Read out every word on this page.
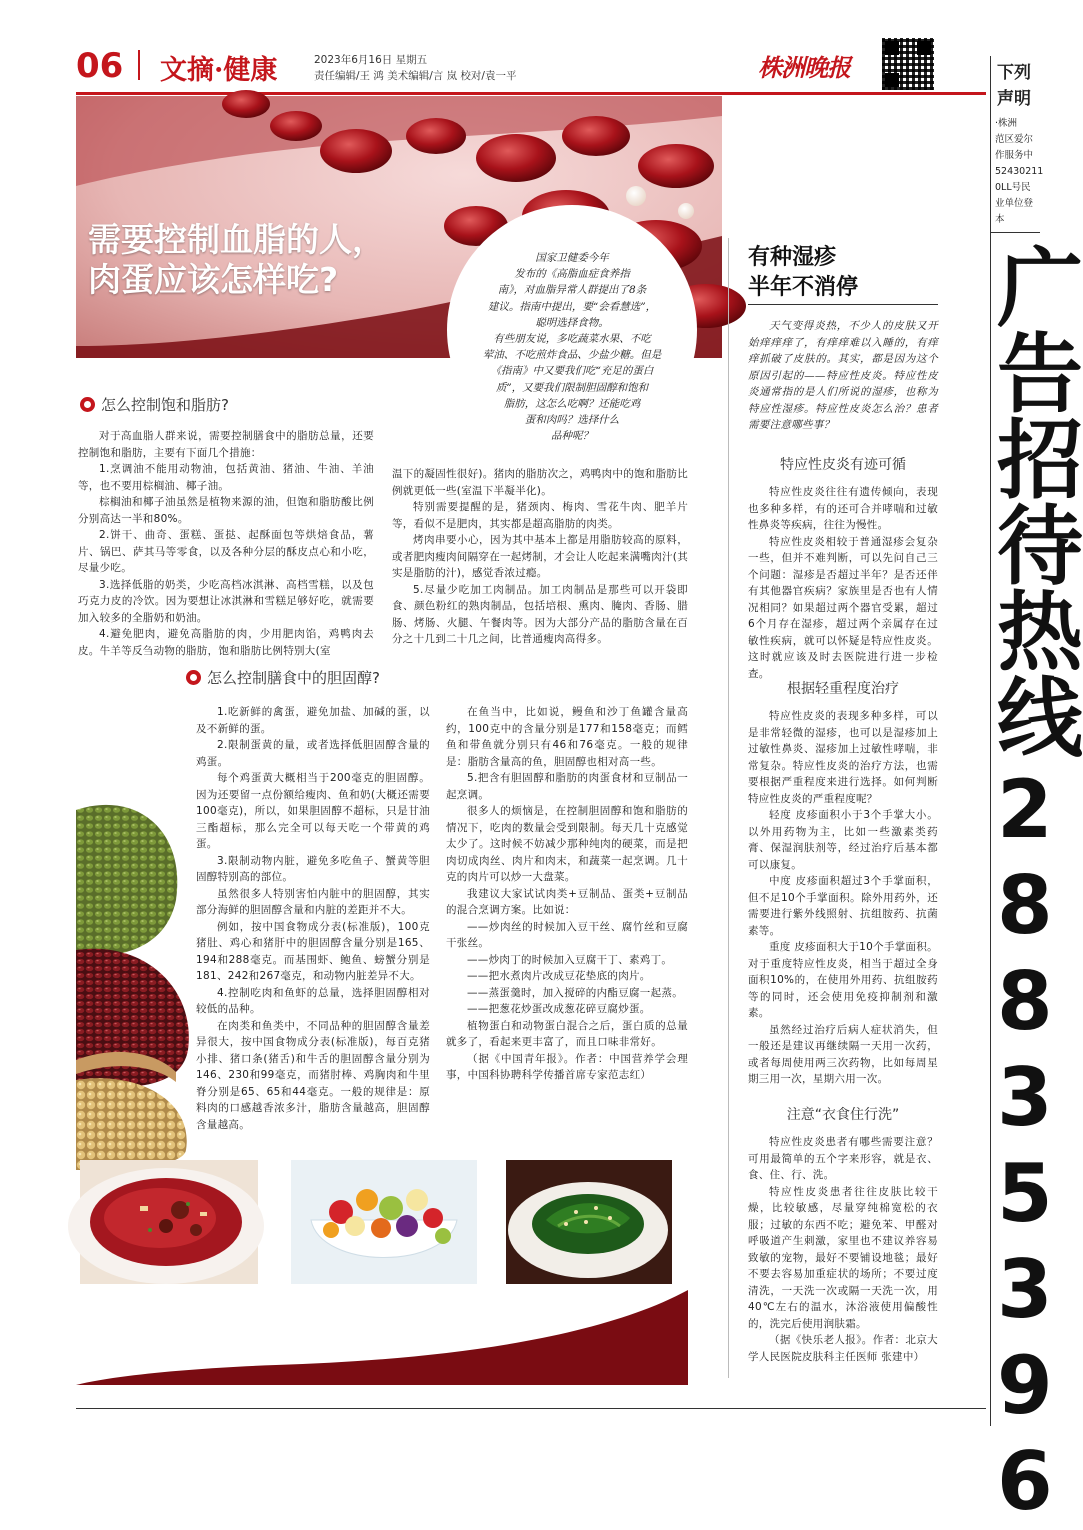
06 文摘·健康	2023年6月16日 星期五
责任编辑/王 鸿 美术编辑/言 岚 校对/袁一平	株洲晚报	下列
声明
·株洲
范区爱尔
作服务中
52430211
0LL号民
业单位登
本
广
告
招
待
热
线
2
8
8
3
5
3
9
6
需要控制血脂的人，
肉蛋应该怎样吃?
国家卫健委今年
发布的《高脂血症食养指
南》，对血脂异常人群提出了8条
建议。指南中提出，要“会看慧选”，
聪明选择食物。
有些朋友说，多吃蔬菜水果、不吃
荤油、不吃煎炸食品、少盐少糖。但是
《指南》中又要我们吃“充足的蛋白
质”，又要我们限制胆固醇和饱和
脂肪，这怎么吃啊？还能吃鸡
蛋和肉吗？选择什么
品种呢？
怎么控制饱和脂肪?

对于高血脂人群来说，需要控制膳食中的脂肪总量，还要控制饱和脂肪，主要有下面几个措施：

1.烹调油不能用动物油，包括黄油、猪油、牛油、羊油等，也不要用棕榈油、椰子油。

棕榈油和椰子油虽然是植物来源的油，但饱和脂肪酸比例分别高达一半和80%。

2.饼干、曲奇、蛋糕、蛋挞、起酥面包等烘焙食品，薯片、锅巴、萨其马等零食，以及各种分层的酥皮点心和小吃，尽量少吃。

3.选择低脂的奶类，少吃高档冰淇淋、高档雪糕，以及包巧克力皮的冷饮。因为要想让冰淇淋和雪糕足够好吃，就需要加入较多的全脂奶和奶油。

4.避免肥肉，避免高脂肪的肉，少用肥肉馅，鸡鸭肉去皮。牛羊等反刍动物的脂肪，饱和脂肪比例特别大(室

温下的凝固性很好)。猪肉的脂肪次之，鸡鸭肉中的饱和脂肪比例就更低一些(室温下半凝半化)。

特别需要提醒的是，猪颈肉、梅肉、雪花牛肉、肥羊片等，看似不是肥肉，其实都是超高脂肪的肉类。

烤肉串要小心，因为其中基本上都是用脂肪较高的原料，或者肥肉瘦肉间隔穿在一起烤制，才会让人吃起来满嘴肉汁(其实是脂肪的汁)，感觉香浓过瘾。

5.尽量少吃加工肉制品。加工肉制品是那些可以开袋即食、颜色粉红的熟肉制品，包括培根、熏肉、腌肉、香肠、腊肠、烤肠、火腿、午餐肉等。因为大部分产品的脂肪含量在百分之十几到二十几之间，比普通瘦肉高得多。

怎么控制膳食中的胆固醇?

1.吃新鲜的禽蛋，避免加盐、加碱的蛋，以及不新鲜的蛋。

2.限制蛋黄的量，或者选择低胆固醇含量的鸡蛋。

每个鸡蛋黄大概相当于200毫克的胆固醇。因为还要留一点份额给瘦肉、鱼和奶(大概还需要100毫克)，所以，如果胆固醇不超标，只是甘油三酯超标，那么完全可以每天吃一个带黄的鸡蛋。

3.限制动物内脏，避免多吃鱼子、蟹黄等胆固醇特别高的部位。

虽然很多人特别害怕内脏中的胆固醇，其实部分海鲜的胆固醇含量和内脏的差距并不大。

例如，按中国食物成分表(标准版)，100克猪肚、鸡心和猪肝中的胆固醇含量分别是165、194和288毫克。而基围虾、鲍鱼、螃蟹分别是181、242和267毫克，和动物内脏差异不大。

4.控制吃肉和鱼虾的总量，选择胆固醇相对较低的品种。

在肉类和鱼类中，不同品种的胆固醇含量差异很大，按中国食物成分表(标准版)，每百克猪小排、猪口条(猪舌)和牛舌的胆固醇含量分别为146、230和99毫克，而猪肘棒、鸡胸肉和牛里脊分别是65、65和44毫克。一般的规律是：原料肉的口感越香浓多汁，脂肪含量越高，胆固醇含量越高。

在鱼当中，比如说，鳗鱼和沙丁鱼罐含量高约，100克中的含量分别是177和158毫克；而鳕鱼和带鱼就分别只有46和76毫克。一般的规律是：脂肪含量高的鱼，胆固醇也相对高一些。

5.把含有胆固醇和脂肪的肉蛋食材和豆制品一起烹调。

很多人的烦恼是，在控制胆固醇和饱和脂肪的情况下，吃肉的数量会受到限制。每天几十克感觉太少了。这时候不妨减少那种纯肉的硬菜，而是把肉切成肉丝、肉片和肉末，和蔬菜一起烹调。几十克的肉片可以炒一大盘菜。

我建议大家试试肉类+豆制品、蛋类+豆制品的混合烹调方案。比如说：

——炒肉丝的时候加入豆干丝、腐竹丝和豆腐干张丝。

——炒肉丁的时候加入豆腐干丁、素鸡丁。

——把水煮肉片改成豆花垫底的肉片。

——蒸蛋羹时，加入搅碎的内酯豆腐一起蒸。

——把葱花炒蛋改成葱花碎豆腐炒蛋。

植物蛋白和动物蛋白混合之后，蛋白质的总量就多了，看起来更丰富了，而且口味非常好。

（据《中国青年报》。作者：中国营养学会理事，中国科协聘科学传播首席专家范志红）

有种湿疹
半年不消停

天气变得炎热，不少人的皮肤又开始痒痒痒了，有痒痒难以入睡的，有痒痒抓破了皮肤的。其实，都是因为这个原因引起的——特应性皮炎。特应性皮炎通常指的是人们所说的湿疹，也称为特应性湿疹。特应性皮炎怎么治？患者需要注意哪些事？

特应性皮炎有迹可循

特应性皮炎往往有遗传倾向，表现也多种多样，有的还可合并哮喘和过敏性鼻炎等疾病，往往为慢性。

特应性皮炎相较于普通湿疹会复杂一些，但并不难判断，可以先问自己三个问题：湿疹是否超过半年？是否还伴有其他器官疾病？家族里是否也有人情况相同？如果超过两个器官受累，超过6个月存在湿疹，超过两个亲属存在过敏性疾病，就可以怀疑是特应性皮炎。这时就应该及时去医院进行进一步检查。

根据轻重程度治疗

特应性皮炎的表现多种多样，可以是非常轻微的湿疹，也可以是湿疹加上过敏性鼻炎、湿疹加上过敏性哮喘，非常复杂。特应性皮炎的治疗方法，也需要根据严重程度来进行选择。如何判断特应性皮炎的严重程度呢？

轻度 皮疹面积小于3个手掌大小。以外用药物为主，比如一些激素类药膏、保湿润肤剂等，经过治疗后基本都可以康复。

中度 皮疹面积超过3个手掌面积，但不足10个手掌面积。除外用药外，还需要进行紫外线照射、抗组胺药、抗菌素等。

重度 皮疹面积大于10个手掌面积。对于重度特应性皮炎，相当于超过全身面积10%的，在使用外用药、抗组胺药等的同时，还会使用免疫抑制剂和激素。

虽然经过治疗后病人症状消失，但一般还是建议再继续隔一天用一次药，或者每周使用两三次药物，比如每周星期三用一次，星期六用一次。

注意“衣食住行洗”

特应性皮炎患者有哪些需要注意？可用最简单的五个字来形容，就是衣、食、住、行、洗。

特应性皮炎患者往往皮肤比较干燥，比较敏感，尽量穿纯棉宽松的衣服；过敏的东西不吃；避免苯、甲醛对呼吸道产生刺激，家里也不建议养容易致敏的宠物，最好不要铺设地毯；最好不要去容易加重症状的场所；不要过度清洗，一天洗一次或隔一天洗一次，用40℃左右的温水，沐浴液使用偏酸性的，洗完后使用润肤霜。

（据《快乐老人报》。作者：北京大学人民医院皮肤科主任医师 张建中）
